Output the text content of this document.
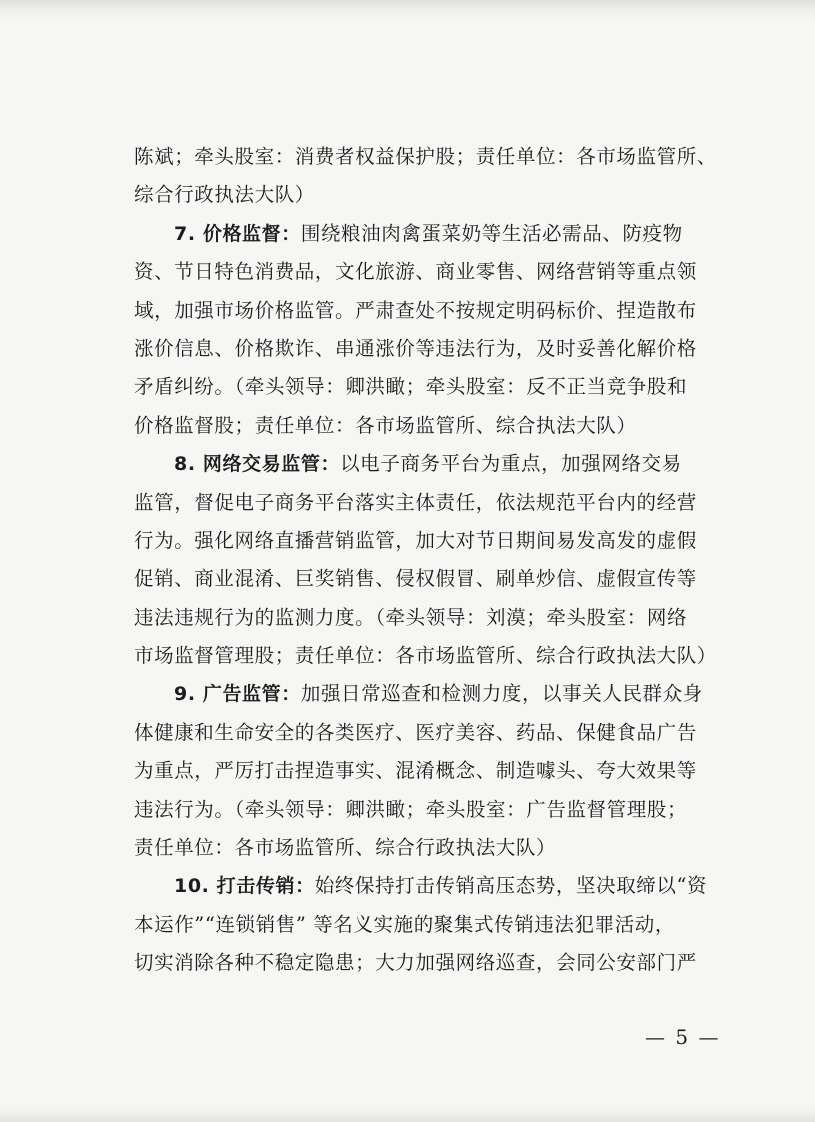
陈斌；牵头股室：消费者权益保护股；责任单位：各市场监管所、
综合行政执法大队）
7. 价格监督：围绕粮油肉禽蛋菜奶等生活必需品、防疫物
资、节日特色消费品，文化旅游、商业零售、网络营销等重点领
域，加强市场价格监管。严肃查处不按规定明码标价、捏造散布
涨价信息、价格欺诈、串通涨价等违法行为，及时妥善化解价格
矛盾纠纷。（牵头领导：卿洪瞰；牵头股室：反不正当竞争股和
价格监督股；责任单位：各市场监管所、综合执法大队）
8. 网络交易监管：以电子商务平台为重点，加强网络交易
监管，督促电子商务平台落实主体责任，依法规范平台内的经营
行为。强化网络直播营销监管，加大对节日期间易发高发的虚假
促销、商业混淆、巨奖销售、侵权假冒、刷单炒信、虚假宣传等
违法违规行为的监测力度。（牵头领导：刘漠；牵头股室：网络
市场监督管理股；责任单位：各市场监管所、综合行政执法大队）
9. 广告监管：加强日常巡查和检测力度，以事关人民群众身
体健康和生命安全的各类医疗、医疗美容、药品、保健食品广告
为重点，严厉打击捏造事实、混淆概念、制造噱头、夸大效果等
违法行为。（牵头领导：卿洪瞰；牵头股室：广告监督管理股；
责任单位：各市场监管所、综合行政执法大队）
10. 打击传销：始终保持打击传销高压态势，坚决取缔以“资
本运作”“连锁销售” 等名义实施的聚集式传销违法犯罪活动，
切实消除各种不稳定隐患；大力加强网络巡查，会同公安部门严
— 5 —
